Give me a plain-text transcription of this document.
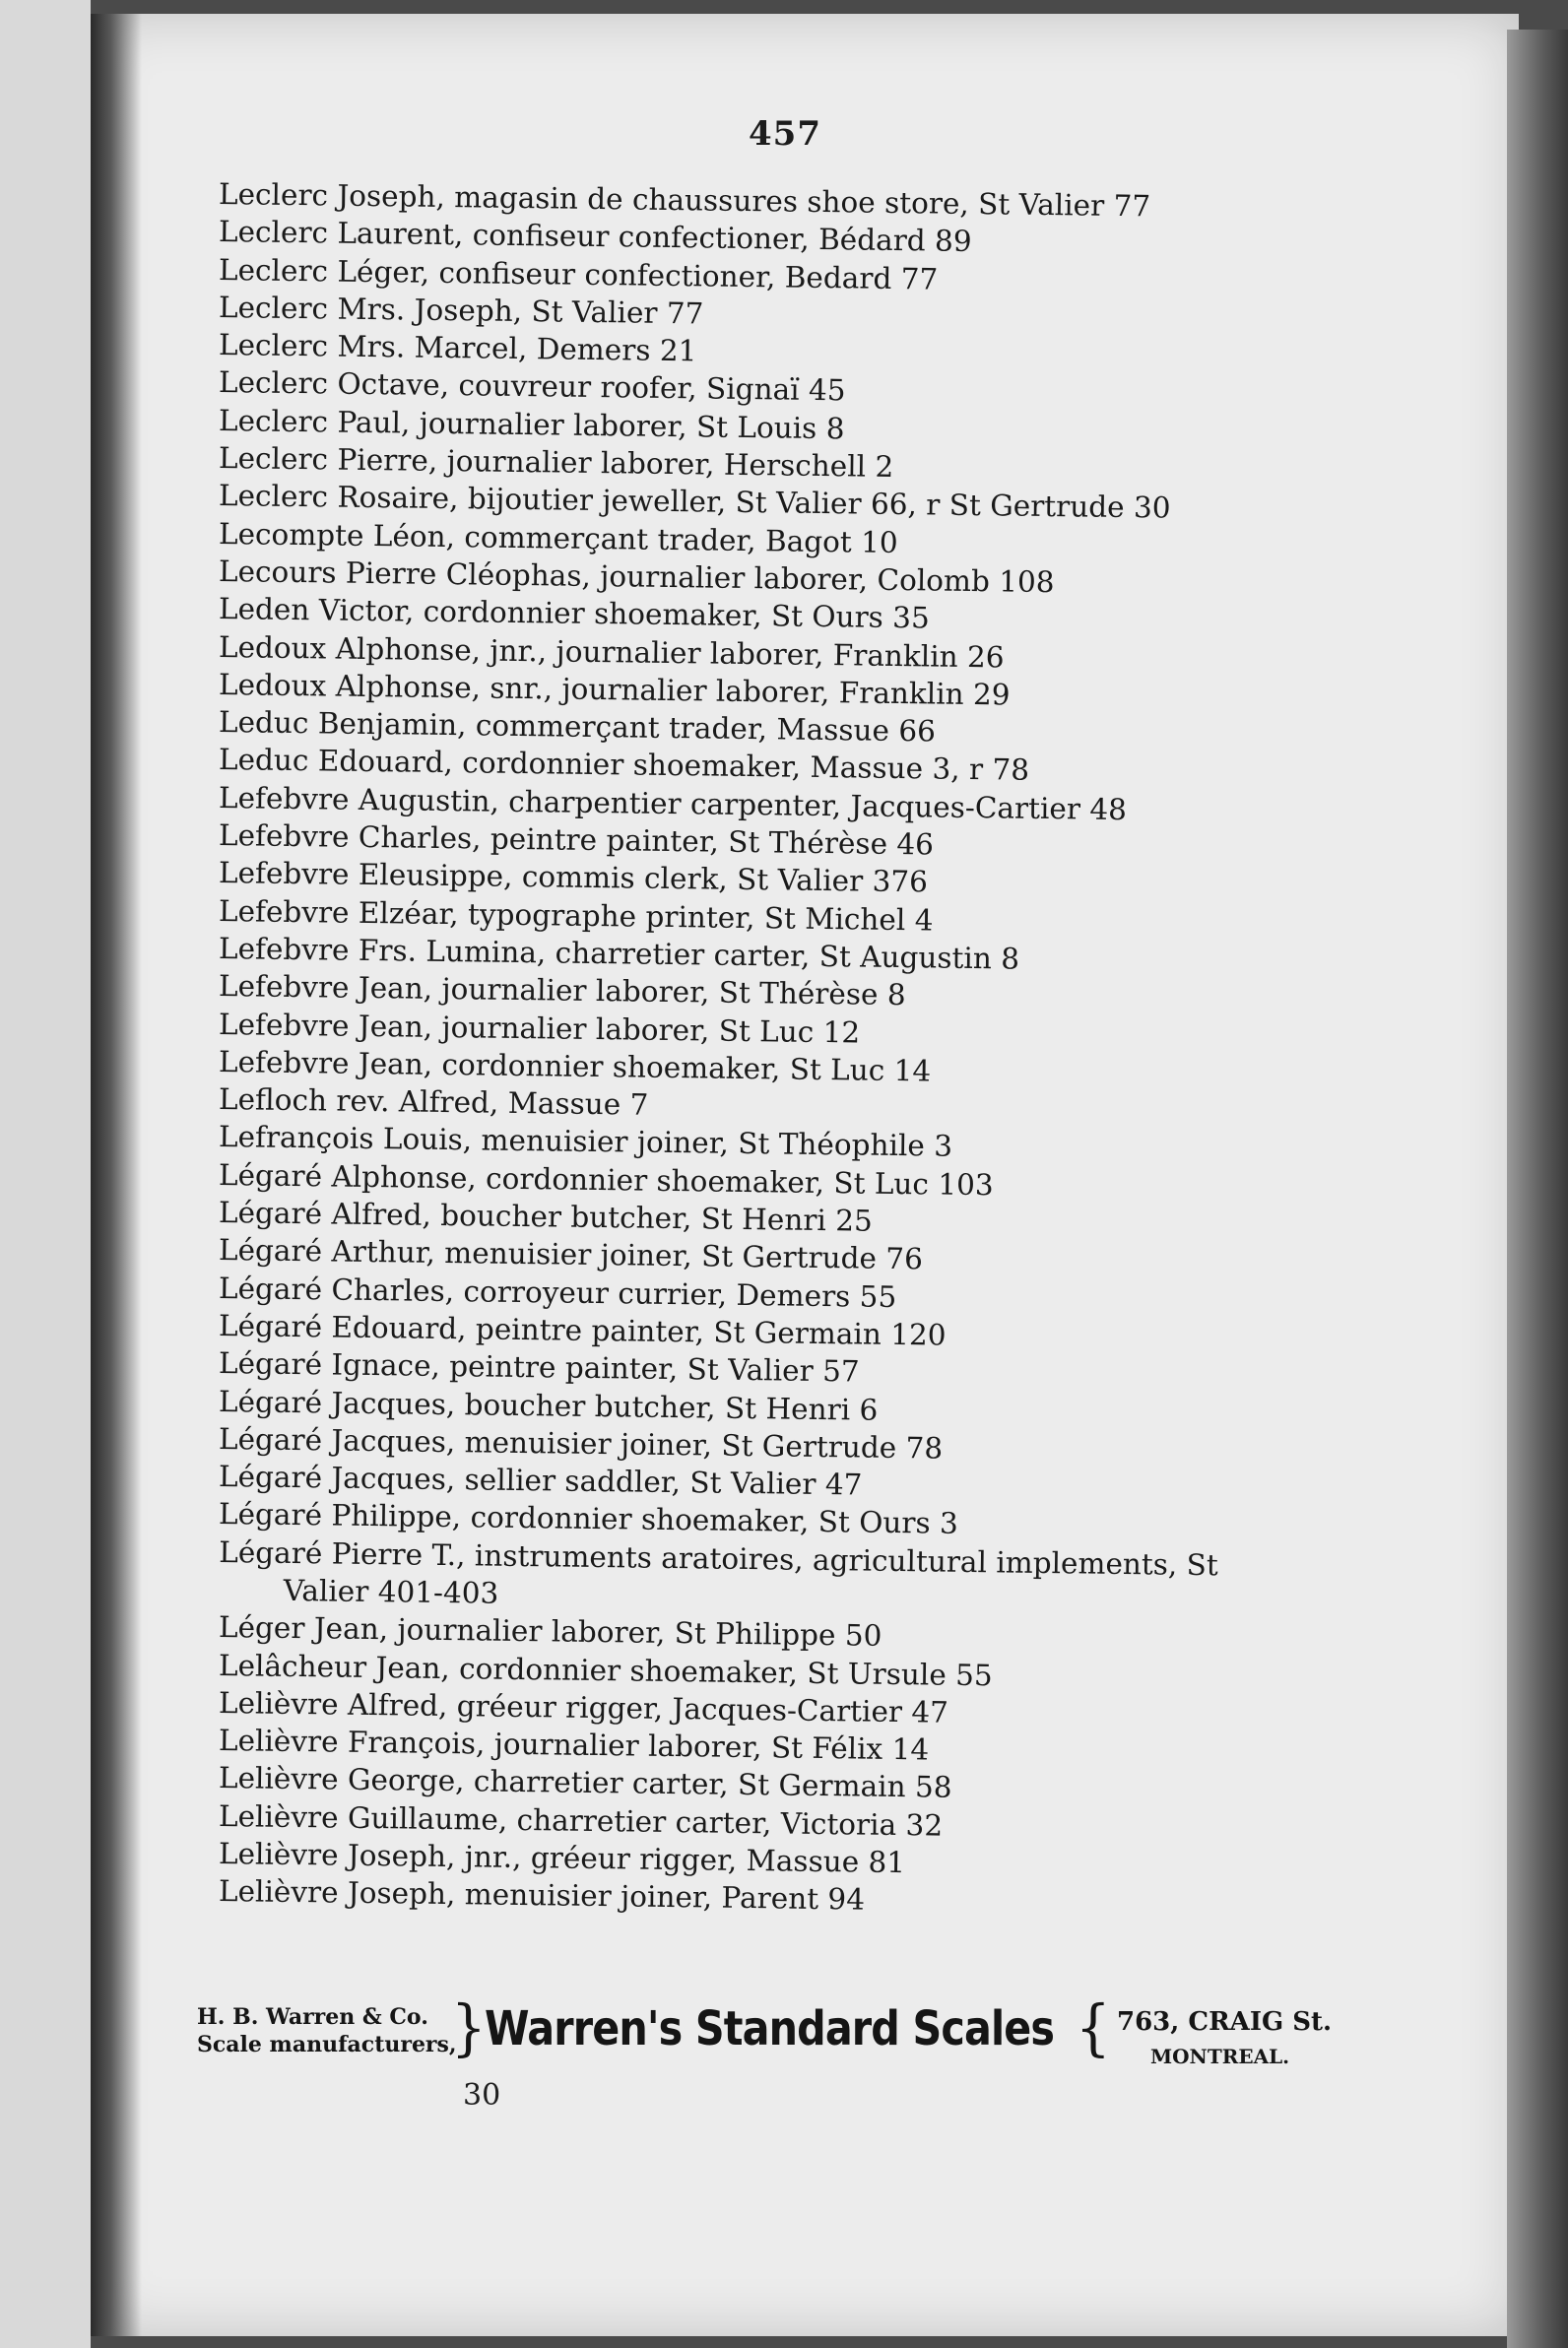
457
Leclerc Joseph, magasin de chaussures shoe store, St Valier 77
Leclerc Laurent, confiseur confectioner, Bédard 89
Leclerc Léger, confiseur confectioner, Bedard 77
Leclerc Mrs. Joseph, St Valier 77
Leclerc Mrs. Marcel, Demers 21
Leclerc Octave, couvreur roofer, Signaï 45
Leclerc Paul, journalier laborer, St Louis 8
Leclerc Pierre, journalier laborer, Herschell 2
Leclerc Rosaire, bijoutier jeweller, St Valier 66, r St Gertrude 30
Lecompte Léon, commerçant trader, Bagot 10
Lecours Pierre Cléophas, journalier laborer, Colomb 108
Leden Victor, cordonnier shoemaker, St Ours 35
Ledoux Alphonse, jnr., journalier laborer, Franklin 26
Ledoux Alphonse, snr., journalier laborer, Franklin 29
Leduc Benjamin, commerçant trader, Massue 66
Leduc Edouard, cordonnier shoemaker, Massue 3, r 78
Lefebvre Augustin, charpentier carpenter, Jacques-Cartier 48
Lefebvre Charles, peintre painter, St Thérèse 46
Lefebvre Eleusippe, commis clerk, St Valier 376
Lefebvre Elzéar, typographe printer, St Michel 4
Lefebvre Frs. Lumina, charretier carter, St Augustin 8
Lefebvre Jean, journalier laborer, St Thérèse 8
Lefebvre Jean, journalier laborer, St Luc 12
Lefebvre Jean, cordonnier shoemaker, St Luc 14
Lefloch rev. Alfred, Massue 7
Lefrançois Louis, menuisier joiner, St Théophile 3
Légaré Alphonse, cordonnier shoemaker, St Luc 103
Légaré Alfred, boucher butcher, St Henri 25
Légaré Arthur, menuisier joiner, St Gertrude 76
Légaré Charles, corroyeur currier, Demers 55
Légaré Edouard, peintre painter, St Germain 120
Légaré Ignace, peintre painter, St Valier 57
Légaré Jacques, boucher butcher, St Henri 6
Légaré Jacques, menuisier joiner, St Gertrude 78
Légaré Jacques, sellier saddler, St Valier 47
Légaré Philippe, cordonnier shoemaker, St Ours 3
Légaré Pierre T., instruments aratoires, agricultural implements, St
Valier 401-403
Léger Jean, journalier laborer, St Philippe 50
Lelâcheur Jean, cordonnier shoemaker, St Ursule 55
Lelièvre Alfred, gréeur rigger, Jacques-Cartier 47
Lelièvre François, journalier laborer, St Félix 14
Lelièvre George, charretier carter, St Germain 58
Lelièvre Guillaume, charretier carter, Victoria 32
Lelièvre Joseph, jnr., gréeur rigger, Massue 81
Lelièvre Joseph, menuisier joiner, Parent 94
H. B. Warren & Co.
Scale manufacturers,
}
Warren's Standard Scales { 763, CRAIG St.
MONTREAL.
30
